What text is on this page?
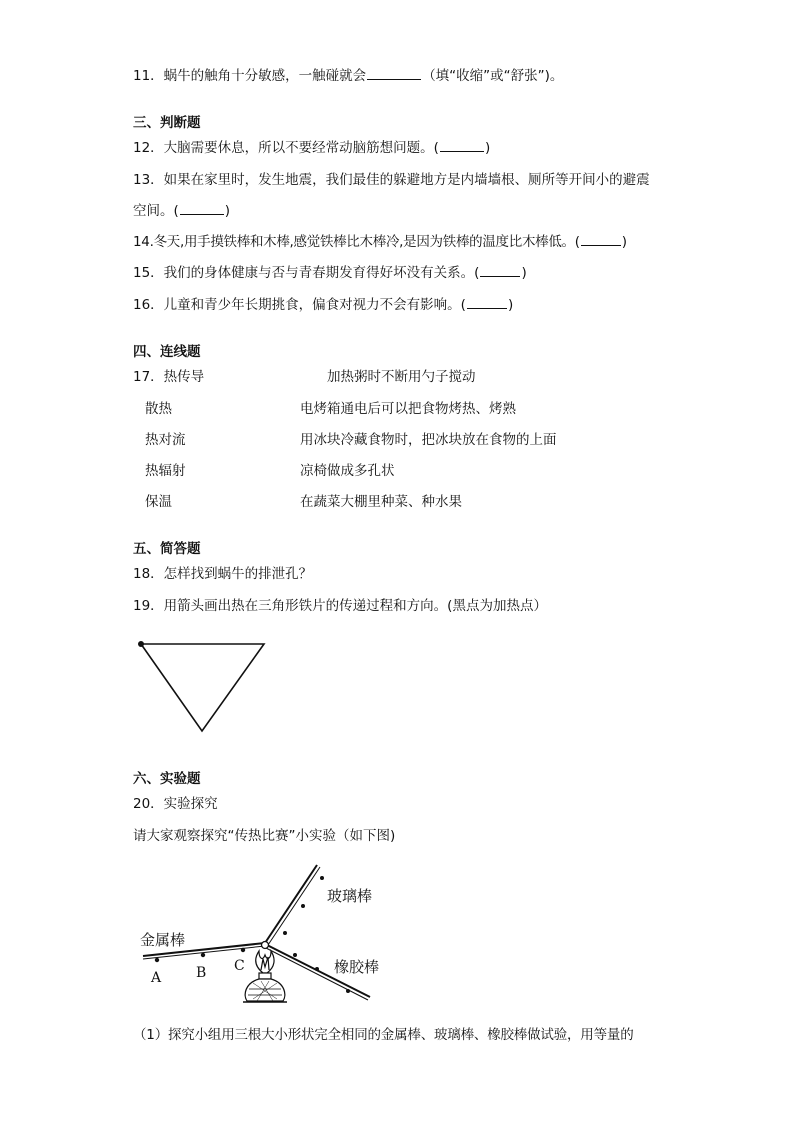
11．蜗牛的触角十分敏感，一触碰就会	（填“收缩”或“舒张”)。
三、判断题
12．大脑需要休息，所以不要经常动脑筋想问题。(	)
13．如果在家里时，发生地震，我们最佳的躲避地方是内墙墙根、厕所等开间小的避震
空间。(	)
14.冬天,用手摸铁棒和木棒,感觉铁棒比木棒冷,是因为铁棒的温度比木棒低。(	)
15．我们的身体健康与否与青春期发育得好坏没有关系。(	)
16．儿童和青少年长期挑食，偏食对视力不会有影响。(	)
四、连线题
17．热传导	加热粥时不断用勺子搅动
散热	电烤箱通电后可以把食物烤热、烤熟
热对流	用冰块冷藏食物时，把冰块放在食物的上面
热辐射	凉椅做成多孔状
保温	在蔬菜大棚里种菜、种水果
五、简答题
18．怎样找到蜗牛的排泄孔？
19．用箭头画出热在三角形铁片的传递过程和方向。(黑点为加热点）
六、实验题
20．实验探究
请大家观察探究“传热比赛”小实验（如下图)
金属棒
玻璃棒
橡胶棒
A B C
（1）探究小组用三根大小形状完全相同的金属棒、玻璃棒、橡胶棒做试验，用等量的
